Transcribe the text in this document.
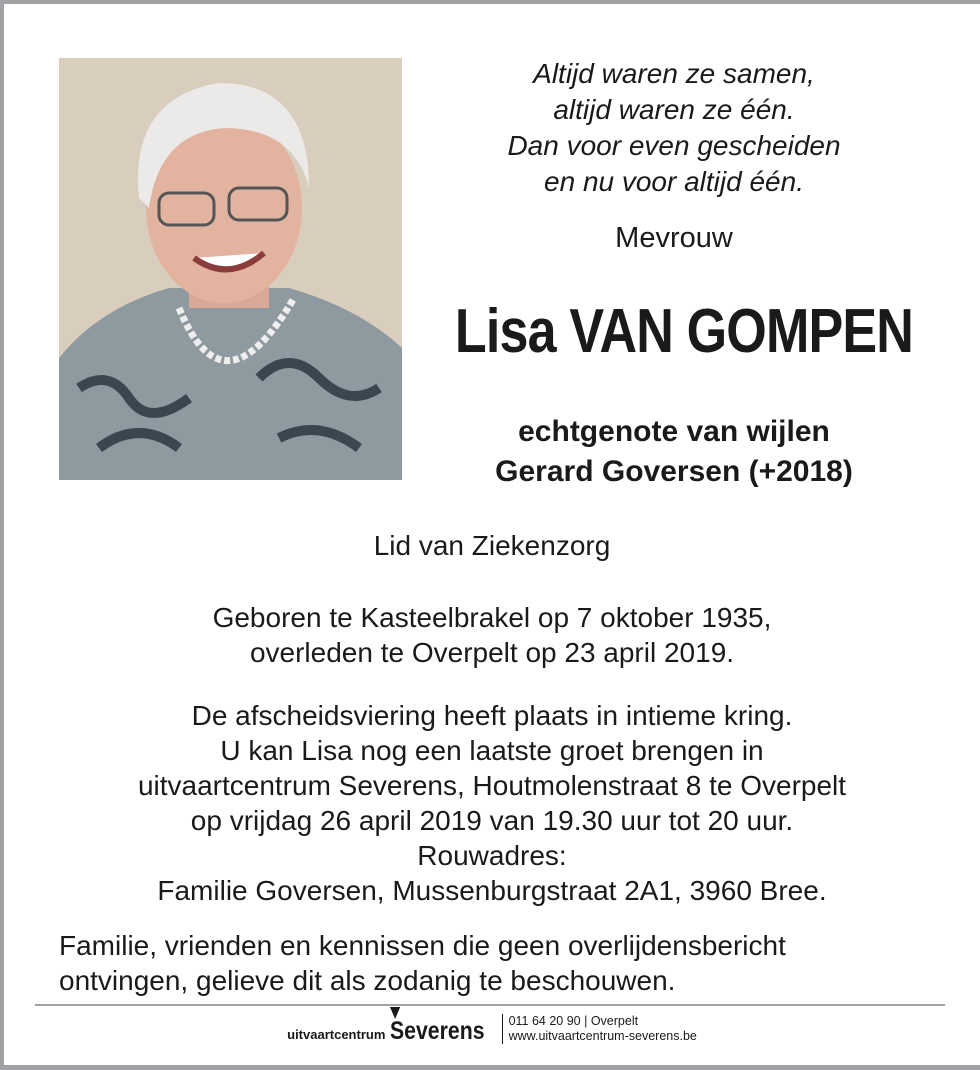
Altijd waren ze samen,
altijd waren ze één.
Dan voor even gescheiden
en nu voor altijd één.
Mevrouw
Lisa VAN GOMPEN
echtgenote van wijlen
Gerard Goversen (+2018)
Lid van Ziekenzorg
Geboren te Kasteelbrakel op 7 oktober 1935,
overleden te Overpelt op 23 april 2019.
De afscheidsviering heeft plaats in intieme kring.
U kan Lisa nog een laatste groet brengen in
uitvaartcentrum Severens, Houtmolenstraat 8 te Overpelt
op vrijdag 26 april 2019 van 19.30 uur tot 20 uur.
Rouwadres:
Familie Goversen, Mussenburgstraat 2A1, 3960 Bree.
Familie, vrienden en kennissen die geen overlijdensbericht
ontvingen, gelieve dit als zodanig te beschouwen.
uitvaartcentrum Severens 011 64 20 90 | Overpelt
www.uitvaartcentrum-severens.be
